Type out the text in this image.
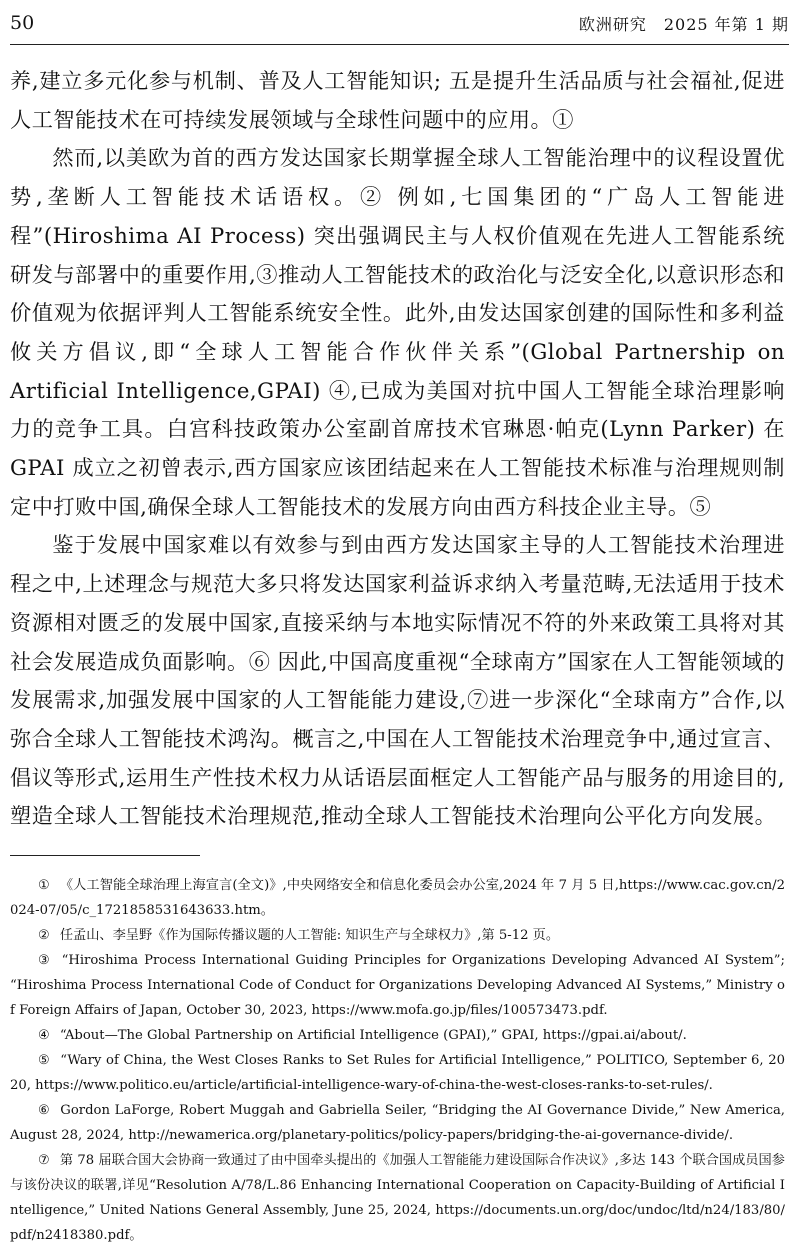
50	欧洲研究　2025 年第 1 期

养,建立多元化参与机制、普及人工智能知识; 五是提升生活品质与社会福祉,促进人工智能技术在可持续发展领域与全球性问题中的应用。①

然而,以美欧为首的西方发达国家长期掌握全球人工智能治理中的议程设置优势,垄断人工智能技术话语权。② 例如,七国集团的“广岛人工智能进程”(Hiroshima AI Process) 突出强调民主与人权价值观在先进人工智能系统研发与部署中的重要作用,③推动人工智能技术的政治化与泛安全化,以意识形态和价值观为依据评判人工智能系统安全性。此外,由发达国家创建的国际性和多利益攸关方倡议,即“全球人工智能合作伙伴关系”(Global Partnership on Artificial Intelligence,GPAI) ④,已成为美国对抗中国人工智能全球治理影响力的竞争工具。白宫科技政策办公室副首席技术官琳恩·帕克(Lynn Parker) 在 GPAI 成立之初曾表示,西方国家应该团结起来在人工智能技术标准与治理规则制定中打败中国,确保全球人工智能技术的发展方向由西方科技企业主导。⑤

鉴于发展中国家难以有效参与到由西方发达国家主导的人工智能技术治理进程之中,上述理念与规范大多只将发达国家利益诉求纳入考量范畴,无法适用于技术资源相对匮乏的发展中国家,直接采纳与本地实际情况不符的外来政策工具将对其社会发展造成负面影响。⑥ 因此,中国高度重视“全球南方”国家在人工智能领域的发展需求,加强发展中国家的人工智能能力建设,⑦进一步深化“全球南方”合作,以弥合全球人工智能技术鸿沟。概言之,中国在人工智能技术治理竞争中,通过宣言、倡议等形式,运用生产性技术权力从话语层面框定人工智能产品与服务的用途目的,塑造全球人工智能技术治理规范,推动全球人工智能技术治理向公平化方向发展。

① 《人工智能全球治理上海宣言(全文)》,中央网络安全和信息化委员会办公室,2024 年 7 月 5 日,https://www.cac.gov.cn/2024-07/05/c_1721858531643633.htm。

② 任孟山、李呈野《作为国际传播议题的人工智能: 知识生产与全球权力》,第 5-12 页。

③ “Hiroshima Process International Guiding Principles for Organizations Developing Advanced AI System”; “Hiroshima Process International Code of Conduct for Organizations Developing Advanced AI Systems,” Ministry of Foreign Affairs of Japan, October 30, 2023, https://www.mofa.go.jp/files/100573473.pdf.

④ “About—The Global Partnership on Artificial Intelligence (GPAI),” GPAI, https://gpai.ai/about/.

⑤ “Wary of China, the West Closes Ranks to Set Rules for Artificial Intelligence,” POLITICO, September 6, 2020, https://www.politico.eu/article/artificial-intelligence-wary-of-china-the-west-closes-ranks-to-set-rules/.

⑥ Gordon LaForge, Robert Muggah and Gabriella Seiler, “Bridging the AI Governance Divide,” New America, August 28, 2024, http://newamerica.org/planetary-politics/policy-papers/bridging-the-ai-governance-divide/.

⑦ 第 78 届联合国大会协商一致通过了由中国牵头提出的《加强人工智能能力建设国际合作决议》,多达 143 个联合国成员国参与该份决议的联署,详见“Resolution A/78/L.86 Enhancing International Cooperation on Capacity-Building of Artificial Intelligence,” United Nations General Assembly, June 25, 2024, https://documents.un.org/doc/undoc/ltd/n24/183/80/pdf/n2418380.pdf。
